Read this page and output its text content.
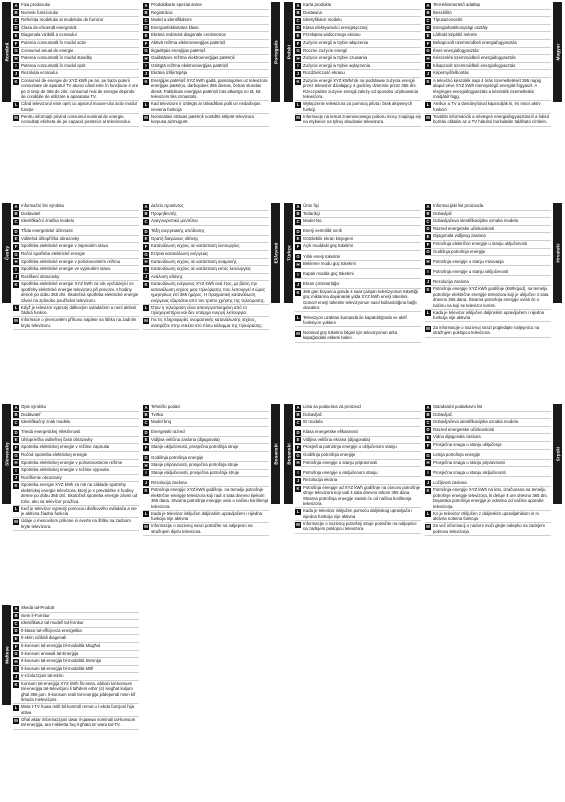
Română
A Fișa produsului
B Numele furnizorului
C Referința modelului al modelului de furnizor
D Clasa de eficiență energetică
E Diagonala vizibilă a ecranului
F Puterea consumată în modul activ
G Consumul anual de energie
H Puterea consumată în modul standby
I	Puterea consumată în modul oprit
J Rezoluția ecranului
K Consumul de energie de XYZ kWh pe an, pe baza puterii consumate de aparatul TV atunci când este în funcțiune 4 ore pe zi timp de 365 de zile; consumul real de energie depinde de condițiile de utilizare a aparatului TV.
L Când televizorul este oprit cu ajutorul mouse-ului activ modul funcție
M Pentru informații privind consumul nominal de energie, consultați eticheta de pe capacul posterior al televizorului.
Português
A Produktkarte spezial anme
B Registrácia
C Model a identifikátors
D Energoefektivitates klase
E Ekrāna redzamā diagonāle centimetros
F Aktīvā režīma elektroenerģijas patēriņš
G Ikgadējais enerģijas patēriņš
H Gaidstāves režīma elektroenerģijas patēriņš
I	Izslēgtā režīma elektroenerģijas patēriņš
J Ekrāna izšķirtspēja
K Enerģijas patēriņš XYZ kWh gadā, pamatojoties uz televizora enerģijas patēriņu, darbojoties 365 dienas, četras stundas dienā. Faktiskais enerģijas patēriņš būs atkarīgs no tā, kā televizors tiks izmantots.
L Kad televizors ir izslēgts ar tālvadības pulti un nedarbojas neviena funkcija
M Nominālais strāvas patēriņš norādīts etiķetē televizora korpusa aizmugurē.
Polski
A Karta produktu
B Dostawca
C Identyfikator modelu
D Klasa efektywności energetycznej
E Przekątna widocznego ekranu
F Zużycie energii w trybie włączenia
G Roczne zużycie energii
H Zużycie energii w trybie czuwania
I	Zużycie energii w trybie wyłączenia
J Rozdzielczość ekranu
K Zużycie energii XYZ kWh/rok na podstawie zużycia energii przez telewizor działający 4 godziny dziennie przez 365 dni. Rzeczywiste zużycie energii zależy od sposobu użytkowania telewizora.
L Wyłączenie telewizora za pomocą pilota i brak aktywnych funkcji.
M Informacje na temat znamionowego poboru mocy znajdują się na etykiecie na tylnej obudowie telewizora.
Magyar
A Termékismertető adatlap
B Beszállító
C Típusazonosító
D Energiahatékonysági osztály
E Látható képátló mérete
F Bekapcsolt üzemmódbeli energiafogyasztás
G Éves energiafogyasztás
H Készenléti üzemmódbeli energiafogyasztás
I	Kikapcsolt üzemmódbeli energiafogyasztás
J Képernyőfelbontás
K A televízió készülék napi 4 órás üzemeltetését 365 napig alapul véve XYZ kWh mennyiségű energiát fogyaszt. A tényleges energiafogyasztás a készülék üzemeltetési módjától függ.
L Amikor a TV a távirányítóval kapcsolják ki, és nincs aktív funkció
M További információk a névleges energiafogyasztásról a hátsó borítás oldalán az a TV hátulsó burkolatán található címkén.
Česky
A Informační list výrobku
B Dodavatel
C Identifikační značka modelu
D Třída energetické účinnosti
E Viditelná úhlopříčka obrazovky
F Spotřeba elektrické energie v zapnutém stavu
G Roční spotřeba elektrické energie
H Spotřeba elektrické energie v pohotovostním režimu
I	Spotřeba elektrické energie ve vypnutém stavu
J Rozlišení obrazovky
K Spotřeba elektrické energie XYZ kWh za rok vycházející ze spotřeby elektrické energie televizoru při provozu 4 hodiny denně po dobu 365 dní. Skutečná spotřeba elektrické energie závisí na způsobu používání televizoru.
L Když je televizor vypnutý dálkovým ovladačem a není aktivní žádná funkce.
M Informace o jmenovitém příkonu najdete na štítku na zadním krytu televizoru.
Ελληνικά
A Δελτίο προϊόντος
B Προμηθευτής
C Αναγνωριστικό μοντέλου
D Τάξη ενεργειακής απόδοσης
E Ορατή διαγώνιος οθόνης
F Κατανάλωση ισχύος σε κατάσταση λειτουργίας
G Ετήσια κατανάλωση ενέργειας
H Κατανάλωση ισχύος σε κατάσταση αναμονής
I	Κατανάλωση ισχύος σε κατάσταση εκτός λειτουργίας
J Ανάλυση οθόνης
K Κατανάλωση ενέργειας XYZ kWh ανά έτος, με βάση την κατανάλωση ισχύος μιας τηλεόρασης που λειτουργεί 4 ώρες ημερησίως επί 365 ημέρες. Η πραγματική κατανάλωση ενέργειας εξαρτάται από τον τρόπο χρήσης της τηλεόρασης.
L Όταν η τηλεόραση είναι απενεργοποιημένη από το τηλεχειριστήριο και δεν υπάρχει ενεργή λειτουργία.
M Για τις πληροφορίες ονομαστικής κατανάλωσης ισχύος, ανατρέξτε στην ετικέτα στο πίσω κάλυμμα της τηλεόρασης.
Türkçe
A Ürün fişi
B Tedarikçi
C Model No.
D Enerji verimlilik sınıfı
E Görülebilir ekran köşegeni
F Açık moddaki güç tüketimi
G Yıllık enerji tüketimi
H Bekleme modu güç tüketimi
I	Kapalı modda güç tüketimi
J Ekran çözünürlüğü
K 365 gün boyunca günde 4 saat çalışan televizyonun tükettiği güç miktarına dayanarak yılda XYZ kWh enerji tüketimi. Güncel enerji tüketimi televizyonun nasıl kullanıldığına bağlı olacaktır.
L Televizyon uzaktan kumanda ile kapatıldığında ve aktif fonksiyon yokken
M Nominal güç tüketimi bilgisi için televizyonun arka kapağındaki etikete bakın.
Hrvatski
A Informacijski list proizvoda
B Dobavljač
C Dobavljačeva identifikacijska oznaka modela
D Razred energetske učinkovitosti
E Dijagonala vidljivog zaslona
F Potrošnja električne energije u stanju uključenosti
G Godišnja potrošnja energije
H Potrošnja energije u stanju mirovanja
I	Potrošnja energije u stanju isključenosti
J Rezolucija zaslona
K Potrošnja energije XYZ kWh godišnje (kWh/god), na temelju potrošnje električne energije televizora koji je uključen 4 sata dnevno 365 dana. Stvarna potrošnja energije ovisit će o načinu na koji se televizor koristi.
L Kada je televizor isključen daljinskim upravljačem i nijedna funkcija nije aktivna
M Za informacije o nazivnoj snazi pogledajte naljepnicu na stražnjem poklopcu televizora.
Slovensky
A Opis výrobku
B Dodávateľ
C Identifikačný znak modelu
D Trieda energetickej efektívnosti
E Uhlopriečka viditeľnej časti obrazovky
F Spotreba elektrickej energie v režime zapnutia
G Ročná spotreba elektrickej energie
H Spotreba elektrickej energie v pohotovostnom režime
I	Spotreba elektrickej energie v režime vypnutia
J Rozlíšenie obrazovky
K Spotreba energie XYZ kWh za rok na základe spotreby elektrickej energie televízora, ktorý je v prevádzke 4 hodiny denne po dobu 365 dní. Skutočná spotreba energie závisí od toho, ako sa televízor používa.
L Keď je televízor vypnutý pomocou diaľkového ovládača a nie je aktívna žiadna funkcia
M Údaje o menovitom príkone si overte na štítku na zadnom kryte televízora.
Bosanski
A Tehnički podaci
B Tvrtka
C Model broj
D Energetski razred
E Vidljiva veličina zaslona (dijagonala)
F Stanje uključenosti, prosječna potrošnja struje
G Godišnja potrošnja energije
H Stanje pripravnosti, prosječna potrošnja struje
I	Stanje isključenosti, prosječna potrošnja struje
J Rezolucija zaslona
K Potrošnja energije XYZ kWh godišnje, na temelju potrošnje električne energije televizora koji radi 4 sata dnevno tijekom 365 dana. Stvarna potrošnja energije ovisi o načinu korištenja televizora.
L Kada je televizor isključen daljinskim upravljačem i nijedna funkcija nije aktivna
M Informacije o nazivnoj snazi potražite na naljepnici na stražnjem dijelu televizora.
Bosanski
A Lista sa podacima za proizvod
B Dobavljač
C ID modela
D Klasa energetske efikasnosti
E Vidljiva veličina ekrana (dijagonala)
F Prosječna potrošnja energije u uključenom stanju
G Godišnja potrošnja energije
H Potrošnja energije u stanju pripravnosti
I	Potrošnja energije u isključenom stanju
J Rezolucija ekrana
K Potrošnja energije od XYZ kWh godišnje na osnovu potrošnje struje televizora koji radi 4 sata dnevno tokom 365 dana. Stvarna potrošnja energije zavisit će od načina korištenja televizora.
L Kada je televizor isključen pomoću daljinskog upravljača i nijedna funkcija nije aktivna
M Informacije o nazivnoj potrošnji struje potražite na naljepnici na zadnjem poklopcu televizora.
Srpski
A Standardni podatkovni list
B Dobavljač
C Dobavljačeva identifikacijska oznaka modela
D Razred energetske učinkovitosti
E Vidna dijagonala zaslona
F Prosječna snaga u stanju uključenja
G Letnja potrošnja energije
H Prosječna snaga u stanju pripravnosti
I	Prosječna snaga u stanju isključenosti
J Ločljivost zaslona
K Potrošnja energije XYZ kWh na leto, izračunana na temelju potrošnje energije televizora, ki deluje 4 ure dnevno 365 dni. Dejanska potrošnja energije je odvisna od načina uporabe televizorja.
L Ko je televizor izključen z daljinskim upravljalnikom in ni aktivna nobena funkcija
M Za več informacij o nazivni moči glejte nalepko na zadnjem pokrovu televizorja.
Maltese
A Skeda tal-Prodott
B Isem il-Fornitur
C Identifikatur tal-mudell tal-fornitur
D Il-klassi tal-effiċjenza enerġetika
E Il-skrin viżibbli diagonali
F Il-konsum tal-enerġija bl-modalità Mixgħul
G Il-konsum annwali tal-Enerġija
H Il-konsum tal-enerġija bl-modalità Stennija
I	Il-konsum tal-enerġija bl-modalità Mitfi
J Ir-riżoluzzjoni tal-iskrin
K Konsum tal-enerġija XYZ kWh fis-sena, abbażi tal-konsum tal-enerġija tat-televiżjoni li taħdem erba' (4) siegħat kuljum għal 365 jum. Il-konsum reali tal-enerġija jiddependi minn kif tintuża t-televiżjoni.
L Meta t-TV huwa mitfi bil-kontroll remot u l-ebda funzjoni hija attiva
M Għal aktar informazzjoni dwar il-qawwa nominali tal-konsum tal-enerġija, ara t-tikketta fuq il-għata ta' wara tat-TV.
